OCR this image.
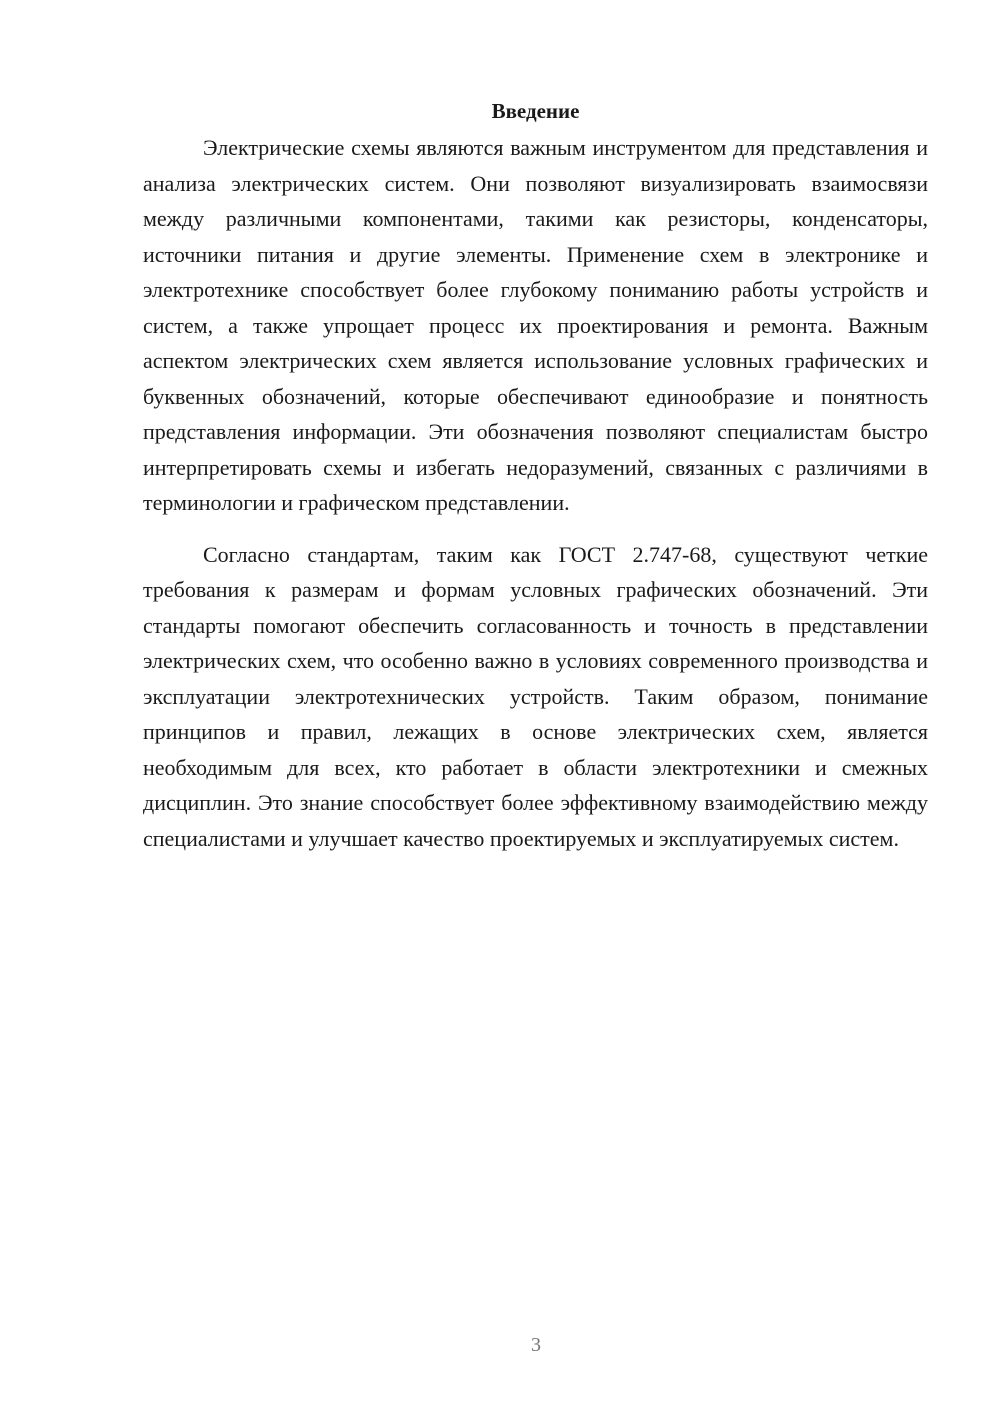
Введение

Электрические схемы являются важным инструментом для представления и анализа электрических систем. Они позволяют визуализировать взаимосвязи между различными компонентами, такими как резисторы, конденсаторы, источники питания и другие элементы. Применение схем в электронике и электротехнике способствует более глубокому пониманию работы устройств и систем, а также упрощает процесс их проектирования и ремонта. Важным аспектом электрических схем является использование условных графических и буквенных обозначений, которые обеспечивают единообразие и понятность представления информации. Эти обозначения позволяют специалистам быстро интерпретировать схемы и избегать недоразумений, связанных с различиями в терминологии и графическом представлении.

Согласно стандартам, таким как ГОСТ 2.747-68, существуют четкие требования к размерам и формам условных графических обозначений. Эти стандарты помогают обеспечить согласованность и точность в представлении электрических схем, что особенно важно в условиях современного производства и эксплуатации электротехнических устройств. Таким образом, понимание принципов и правил, лежащих в основе электрических схем, является необходимым для всех, кто работает в области электротехники и смежных дисциплин. Это знание способствует более эффективному взаимодействию между специалистами и улучшает качество проектируемых и эксплуатируемых систем.

3
